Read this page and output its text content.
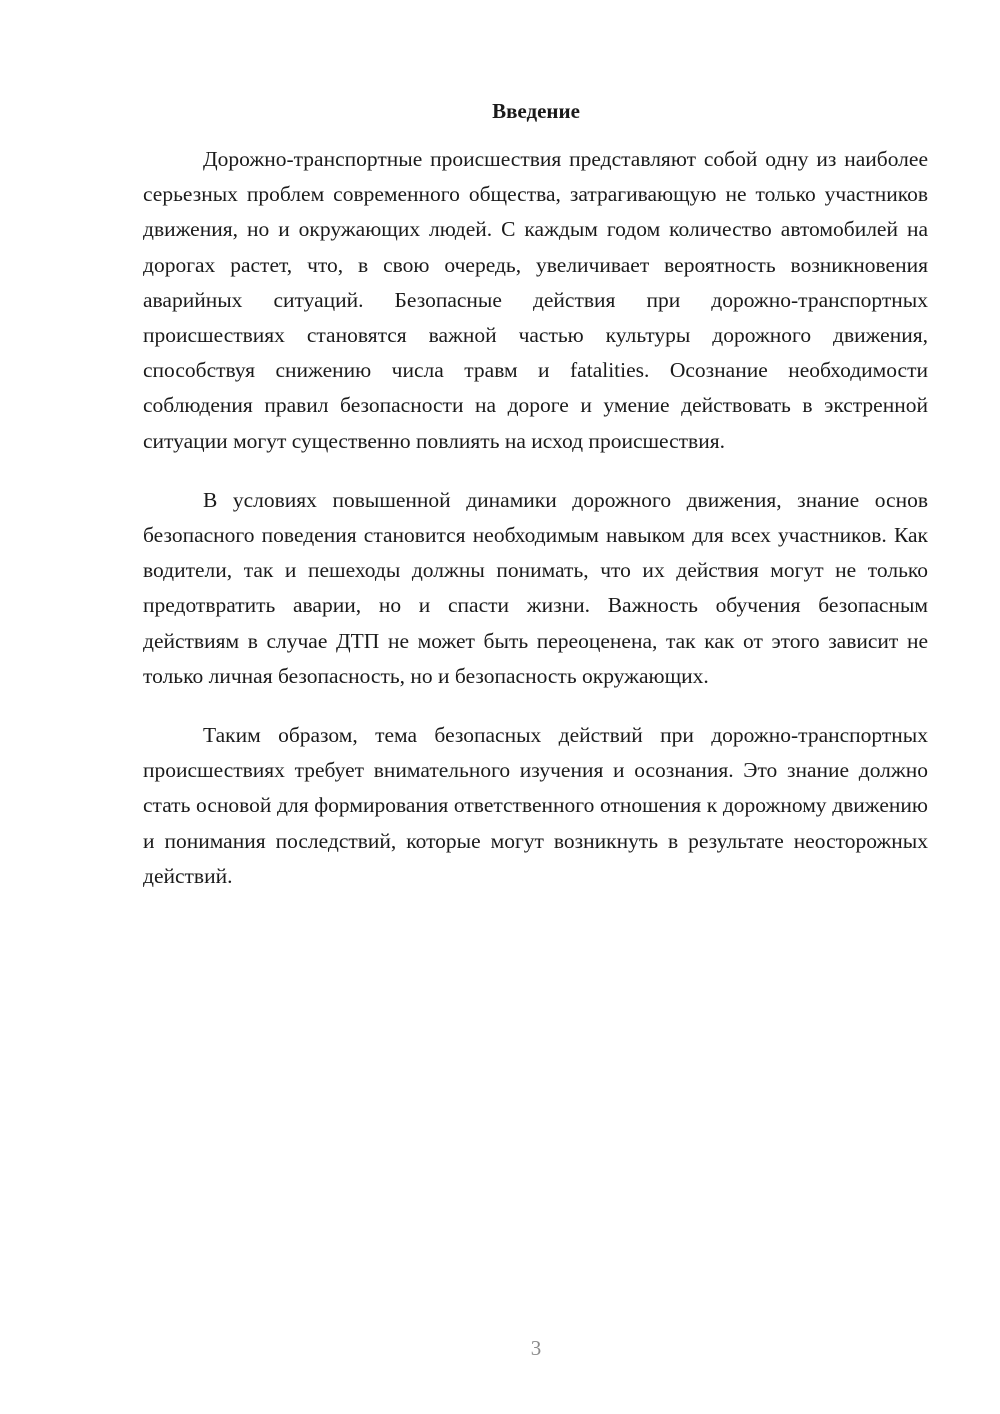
Введение

Дорожно-транспортные происшествия представляют собой одну из наиболее серьезных проблем современного общества, затрагивающую не только участников движения, но и окружающих людей. С каждым годом количество автомобилей на дорогах растет, что, в свою очередь, увеличивает вероятность возникновения аварийных ситуаций. Безопасные действия при дорожно-транспортных происшествиях становятся важной частью культуры дорожного движения, способствуя снижению числа травм и fatalities. Осознание необходимости соблюдения правил безопасности на дороге и умение действовать в экстренной ситуации могут существенно повлиять на исход происшествия.

В условиях повышенной динамики дорожного движения, знание основ безопасного поведения становится необходимым навыком для всех участников. Как водители, так и пешеходы должны понимать, что их действия могут не только предотвратить аварии, но и спасти жизни. Важность обучения безопасным действиям в случае ДТП не может быть переоценена, так как от этого зависит не только личная безопасность, но и безопасность окружающих.

Таким образом, тема безопасных действий при дорожно-транспортных происшествиях требует внимательного изучения и осознания. Это знание должно стать основой для формирования ответственного отношения к дорожному движению и понимания последствий, которые могут возникнуть в результате неосторожных действий.

3
